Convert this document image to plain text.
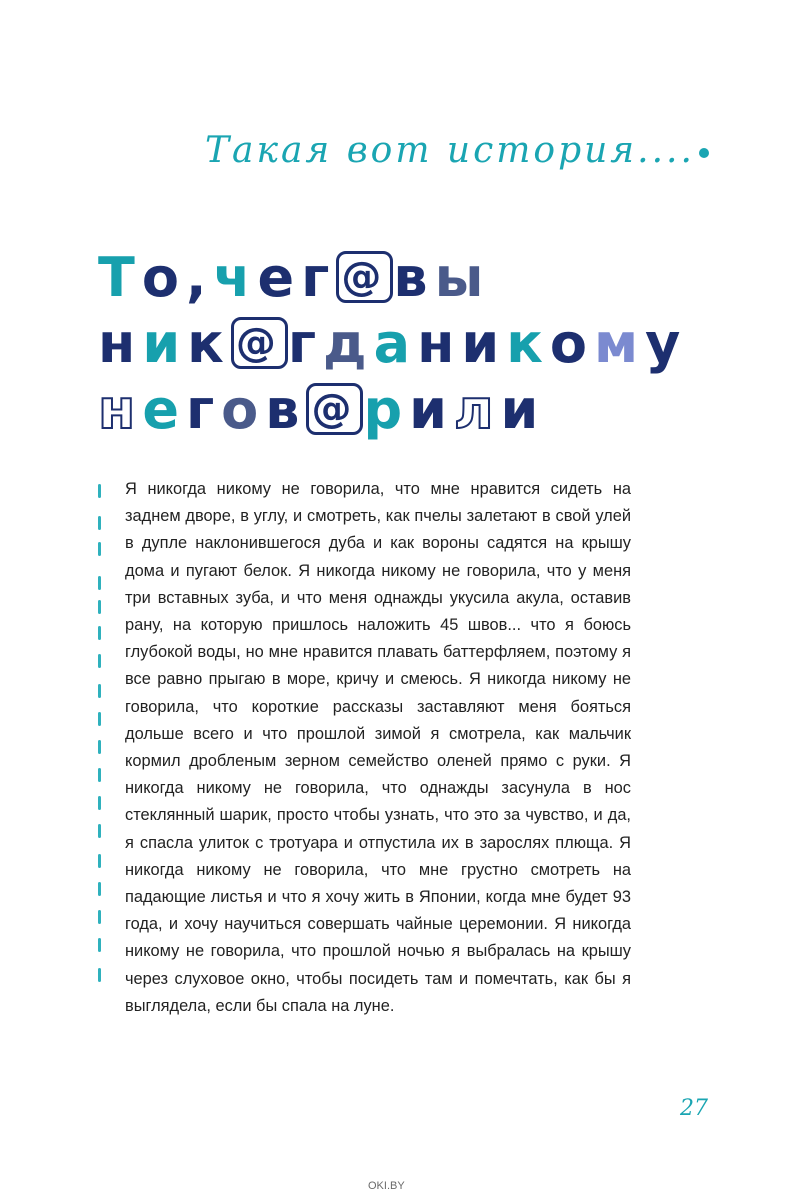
Такая вот история....
То,чег @вы
ник @гданикому
негов @рили
Я никогда никому не говорила, что мне нравится сидеть на заднем дворе, в углу, и смотреть, как пчелы залетают в свой улей в дупле наклонившегося дуба и как вороны садятся на крышу дома и пугают белок. Я никогда никому не говорила, что у меня три вставных зуба, и что меня однажды укусила акула, оставив рану, на которую пришлось наложить 45 швов... что я боюсь глубокой воды, но мне нравится плавать баттерфляем, поэтому я все равно прыгаю в море, кричу и смеюсь. Я никогда никому не говорила, что короткие рассказы заставляют меня бояться дольше всего и что прошлой зимой я смотрела, как мальчик кормил дробленым зерном семейство оленей прямо с руки. Я никогда никому не говорила, что однажды засунула в нос стеклянный шарик, просто чтобы узнать, что это за чувство, и да, я спасла улиток с тротуара и отпустила их в зарослях плюща. Я никогда никому не говорила, что мне грустно смотреть на падающие листья и что я хочу жить в Японии, когда мне будет 93 года, и хочу научиться совершать чайные церемонии. Я никогда никому не говорила, что прошлой ночью я выбралась на крышу через слуховое окно, чтобы посидеть там и помечтать, как бы я выглядела, если бы спала на луне.
27
OKI.BY
